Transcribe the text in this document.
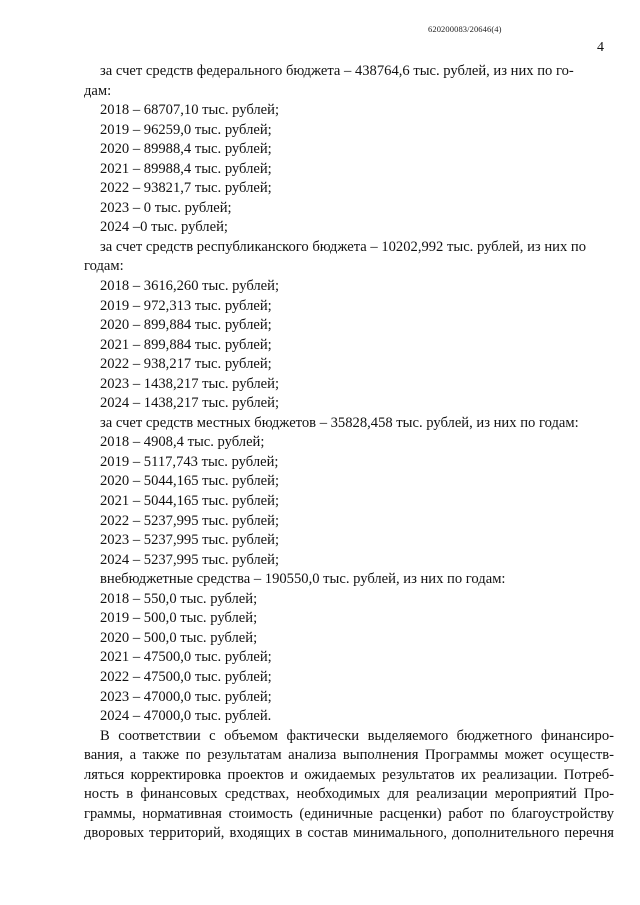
620200083/20646(4)
4
за счет средств федерального бюджета – 438764,6 тыс. рублей, из них по го-
дам:
2018 – 68707,10 тыс. рублей;
2019 – 96259,0 тыс. рублей;
2020 – 89988,4 тыс. рублей;
2021 – 89988,4 тыс. рублей;
2022 – 93821,7 тыс. рублей;
2023 – 0 тыс. рублей;
2024 –0 тыс. рублей;
за счет средств республиканского бюджета – 10202,992 тыс. рублей, из них по
годам:
2018 – 3616,260 тыс. рублей;
2019 – 972,313 тыс. рублей;
2020 – 899,884 тыс. рублей;
2021 – 899,884 тыс. рублей;
2022 – 938,217 тыс. рублей;
2023 – 1438,217 тыс. рублей;
2024 – 1438,217 тыс. рублей;
за счет средств местных бюджетов – 35828,458 тыс. рублей, из них по годам:
2018 – 4908,4 тыс. рублей;
2019 – 5117,743 тыс. рублей;
2020 – 5044,165 тыс. рублей;
2021 – 5044,165 тыс. рублей;
2022 – 5237,995 тыс. рублей;
2023 – 5237,995 тыс. рублей;
2024 – 5237,995 тыс. рублей;
внебюджетные средства – 190550,0 тыс. рублей, из них по годам:
2018 – 550,0 тыс. рублей;
2019 – 500,0 тыс. рублей;
2020 – 500,0 тыс. рублей;
2021 – 47500,0 тыс. рублей;
2022 – 47500,0 тыс. рублей;
2023 – 47000,0 тыс. рублей;
2024 – 47000,0 тыс. рублей.
В соответствии с объемом фактически выделяемого бюджетного финансиро-
вания, а также по результатам анализа выполнения Программы может осуществ-
ляться корректировка проектов и ожидаемых результатов их реализации. Потреб-
ность в финансовых средствах, необходимых для реализации мероприятий Про-
граммы, нормативная стоимость (единичные расценки) работ по благоустройству
дворовых территорий, входящих в состав минимального, дополнительного перечня
